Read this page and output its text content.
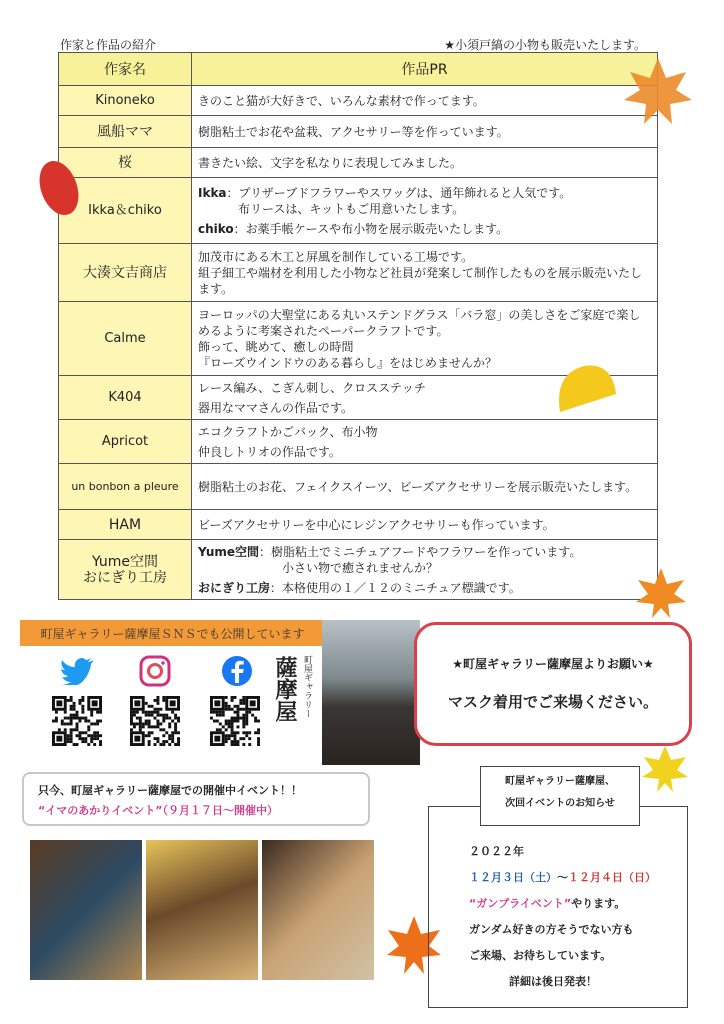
作家と作品の紹介	★小須戸縞の小物も販売いたします。
作家名	作品PR
Kinoneko	きのこと猫が大好きで、いろんな素材で作ってます。

風船ママ	樹脂粘土でお花や盆栽、アクセサリー等を作っています。

桜	書きたい絵、文字を私なりに表現してみました。

Ikka＆chiko	Ikka：プリザーブドフラワーやスワッグは、通年飾れると人気です。
布リースは、キットもご用意いたします。
chiko：お薬手帳ケースや布小物を展示販売いたします。

大湊文吉商店	加茂市にある木工と屏風を制作している工場です。
組子細工や端材を利用した小物など社員が発案して制作したものを展示販売いたします。

Calme	ヨーロッパの大聖堂にある丸いステンドグラス「バラ窓」の美しさをご家庭で楽しめるように考案されたペーパークラフトです。
飾って、眺めて、癒しの時間
『ローズウインドウのある暮らし』をはじめませんか？

K404	レース編み、こぎん刺し、クロスステッチ
器用なママさんの作品です。

Apricot	エコクラフトかごバック、布小物
仲良しトリオの作品です。

un bonbon a pleure	樹脂粘土のお花、フェイクスイーツ、ビーズアクセサリーを展示販売いたします。

HAM	ビーズアクセサリーを中心にレジンアクセサリーも作っています。

Yume空間
おにぎり工房	Yume空間：樹脂粘土でミニチュアフードやフラワーを作っています。
小さい物で癒されませんか？
おにぎり工房：本格使用の１／１２のミニチュア標識です。
町屋ギャラリー薩摩屋ＳＮＳでも公開しています
町屋ギャラリー
薩摩屋	★町屋ギャラリー薩摩屋よりお願い★
マスク着用でご来場ください。
只今、町屋ギャラリー薩摩屋での開催中イベント！！
“イマのあかりイベント”（９月１７日～開催中）
２０２２年
１２月３日（土）～１２月４日（日）
“ガンプライベント”やります。
ガンダム好きの方そうでない方も
ご来場、お待ちしています。
詳細は後日発表！
町屋ギャラリー薩摩屋、
次回イベントのお知らせ
